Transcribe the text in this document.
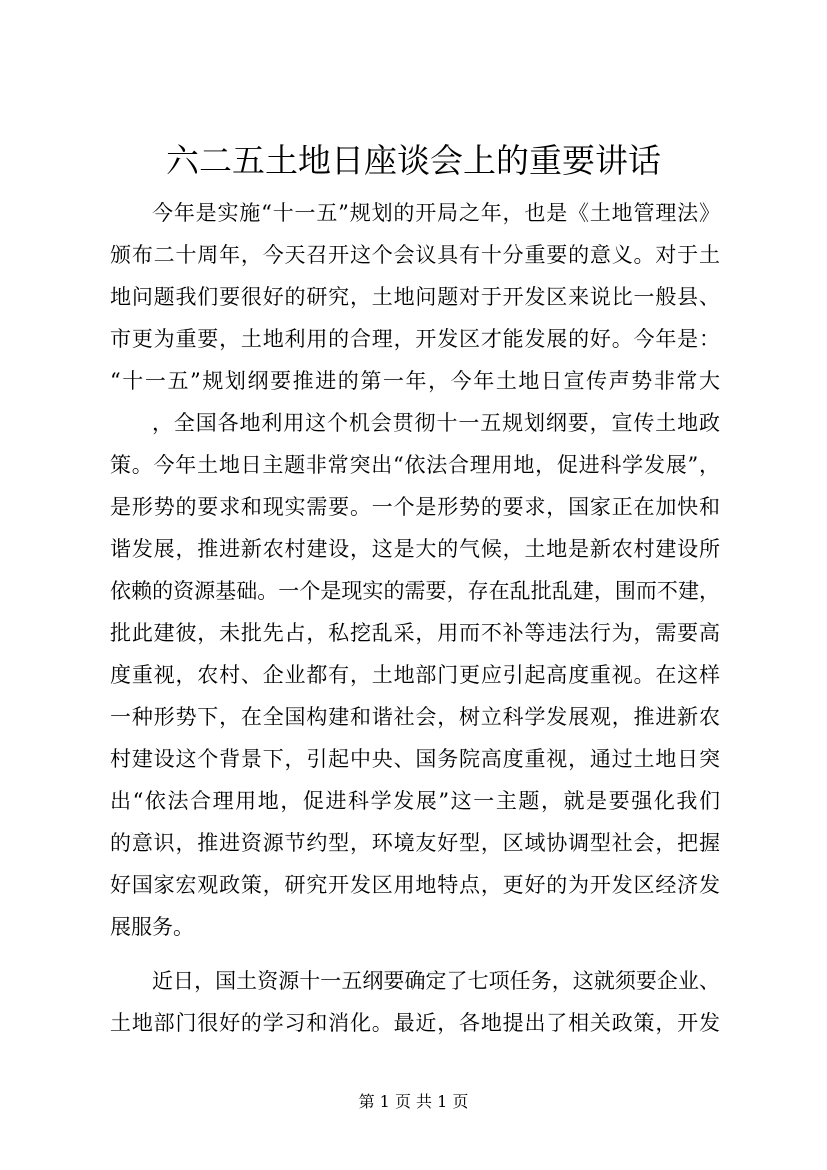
六二五土地日座谈会上的重要讲话
今年是实施“十一五”规划的开局之年，也是《土地管理法》
颁布二十周年，今天召开这个会议具有十分重要的意义。对于土
地问题我们要很好的研究，土地问题对于开发区来说比一般县、
市更为重要，土地利用的合理，开发区才能发展的好。今年是：
“十一五”规划纲要推进的第一年，今年土地日宣传声势非常大
，全国各地利用这个机会贯彻十一五规划纲要，宣传土地政
策。今年土地日主题非常突出“依法合理用地，促进科学发展”，
是形势的要求和现实需要。一个是形势的要求，国家正在加快和
谐发展，推进新农村建设，这是大的气候，土地是新农村建设所
依赖的资源基础。一个是现实的需要，存在乱批乱建，围而不建，
批此建彼，未批先占，私挖乱采，用而不补等违法行为，需要高
度重视，农村、企业都有，土地部门更应引起高度重视。在这样
一种形势下，在全国构建和谐社会，树立科学发展观，推进新农
村建设这个背景下，引起中央、国务院高度重视，通过土地日突
出“依法合理用地，促进科学发展”这一主题，就是要强化我们
的意识，推进资源节约型，环境友好型，区域协调型社会，把握
好国家宏观政策，研究开发区用地特点，更好的为开发区经济发
展服务。
近日，国土资源十一五纲要确定了七项任务，这就须要企业、
土地部门很好的学习和消化。最近，各地提出了相关政策，开发
第 1 页 共 1 页
